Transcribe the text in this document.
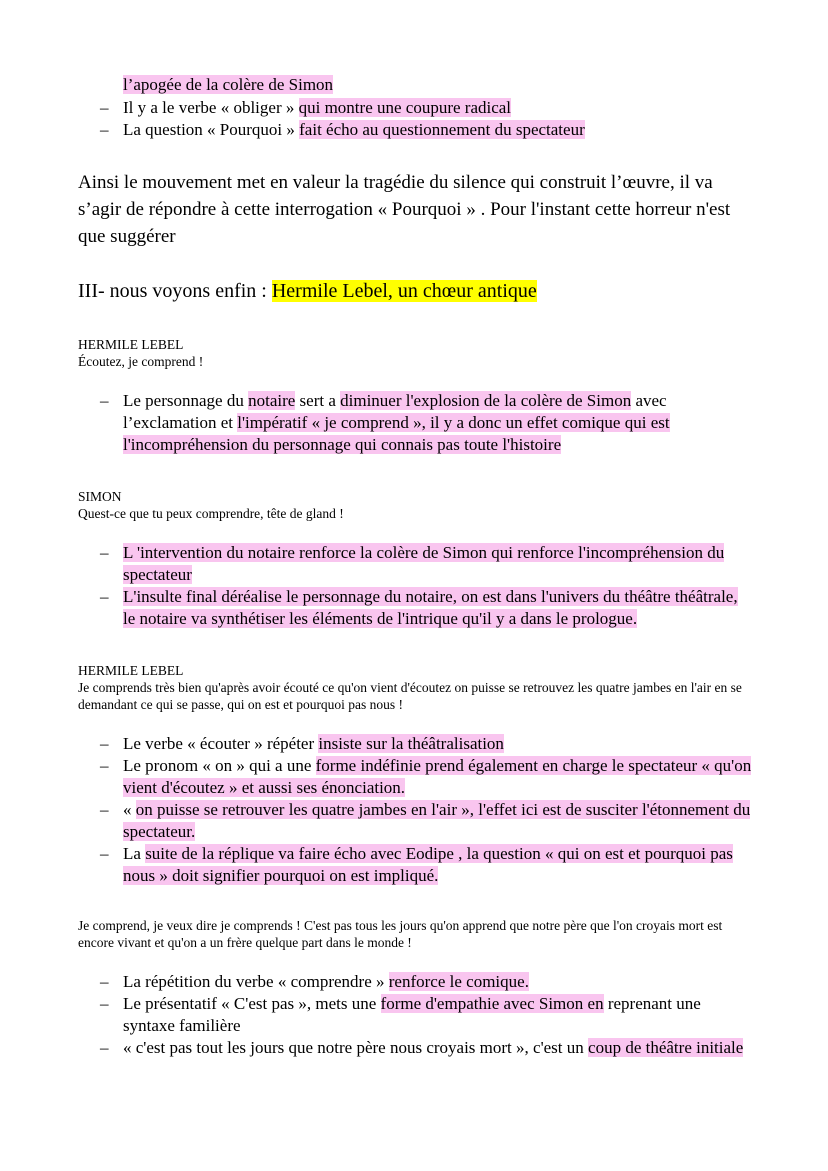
l’apogée de la colère de Simon
– Il y a le verbe « obliger » qui montre une coupure radical
– La question « Pourquoi » fait écho au questionnement du spectateur
Ainsi le mouvement met en valeur la tragédie du silence qui construit l’œuvre, il va s’agir de répondre à cette interrogation « Pourquoi » . Pour l'instant cette horreur n'est que suggérer
III- nous voyons enfin : Hermile Lebel, un chœur antique
HERMILE LEBEL
Écoutez, je comprend !
– Le personnage du notaire sert a diminuer l'explosion de la colère de Simon avec l’exclamation et l'impératif « je comprend », il y a donc un effet comique qui est l'incompréhension du personnage qui connais pas toute l'histoire
SIMON
Quest-ce que tu peux comprendre, tête de gland !
– L 'intervention du notaire renforce la colère de Simon qui renforce l'incompréhension du spectateur
– L'insulte final déréalise le personnage du notaire, on est dans l'univers du théâtre théâtrale, le notaire va synthétiser les éléments de l'intrique qu'il y a dans le prologue.
HERMILE LEBEL
Je comprends très bien qu'après avoir écouté ce qu'on vient d'écoutez on puisse se retrouvez les quatre jambes en l'air en se demandant ce qui se passe, qui on est et pourquoi pas nous !
– Le verbe « écouter » répéter insiste sur la théâtralisation
– Le pronom « on » qui a une forme indéfinie prend également en charge le spectateur « qu'on vient d'écoutez » et aussi ses énonciation.
– « on puisse se retrouver les quatre jambes en l'air », l'effet ici est de susciter l'étonnement du spectateur.
– La suite de la réplique va faire écho avec Eodipe , la question « qui on est et pourquoi pas nous » doit signifier pourquoi on est impliqué.
Je comprend, je veux dire je comprends ! C'est pas tous les jours qu'on apprend que notre père que l'on croyais mort est encore vivant et qu'on a un frère quelque part dans le monde !
– La répétition du verbe « comprendre » renforce le comique.
– Le présentatif « C'est pas », mets une forme d'empathie avec Simon en reprenant une syntaxe familière
– « c'est pas tout les jours que notre père nous croyais mort », c'est un coup de théâtre initiale
